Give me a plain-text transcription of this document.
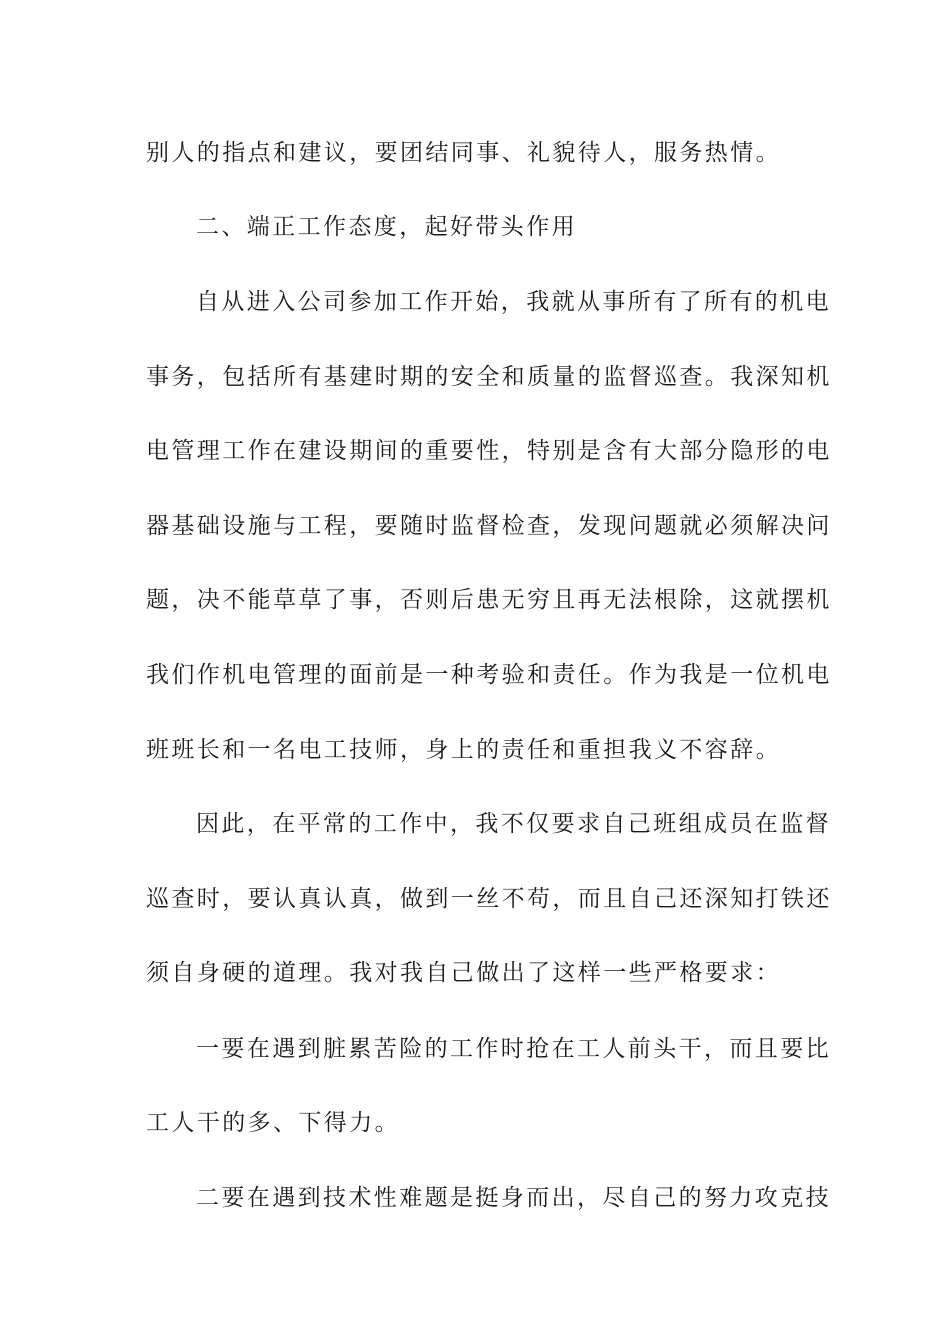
别人的指点和建议，要团结同事、礼貌待人，服务热情。
二、端正工作态度，起好带头作用
自从进入公司参加工作开始，我就从事所有了所有的机电
事务，包括所有基建时期的安全和质量的监督巡查。我深知机
电管理工作在建设期间的重要性，特别是含有大部分隐形的电
器基础设施与工程，要随时监督检查，发现问题就必须解决问
题，决不能草草了事，否则后患无穷且再无法根除，这就摆机
我们作机电管理的面前是一种考验和责任。作为我是一位机电
班班长和一名电工技师，身上的责任和重担我义不容辞。
因此，在平常的工作中，我不仅要求自己班组成员在监督
巡查时，要认真认真，做到一丝不苟，而且自己还深知打铁还
须自身硬的道理。我对我自己做出了这样一些严格要求：
一要在遇到脏累苦险的工作时抢在工人前头干，而且要比
工人干的多、下得力。
二要在遇到技术性难题是挺身而出，尽自己的努力攻克技
